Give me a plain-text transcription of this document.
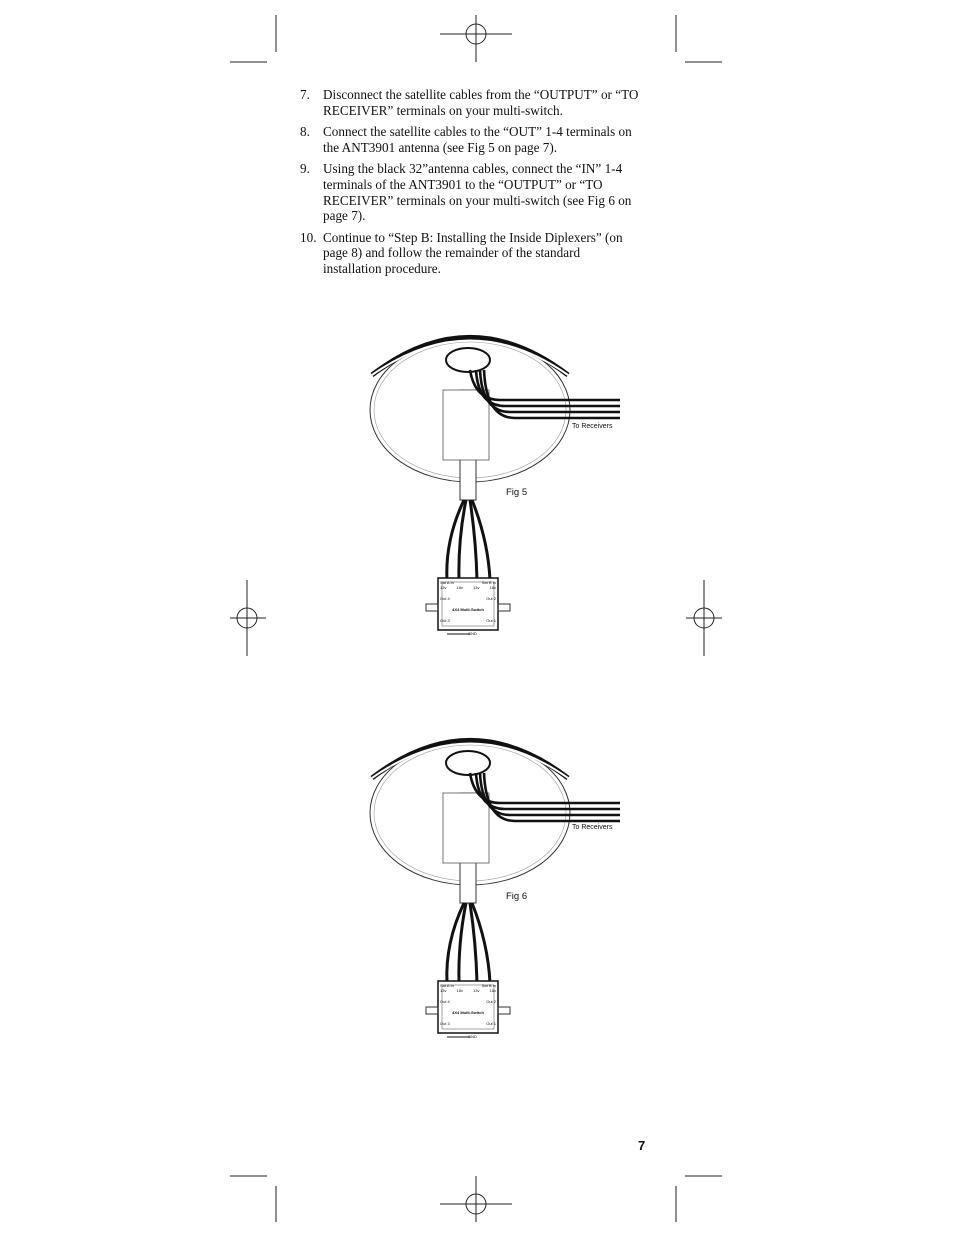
7. Disconnect the satellite cables from the “OUTPUT” or “TO RECEIVER” terminals on your multi-switch.
8. Connect the satellite cables to the “OUT” 1-4 terminals on the ANT3901 antenna (see Fig 5 on page 7).
9. Using the black 32”antenna cables, connect the “IN” 1-4 terminals of the ANT3901 to the “OUTPUT” or “TO RECEIVER” terminals on your multi-switch (see Fig 6 on page 7).
10. Continue to “Step B: Installing the Inside Diplexers” (on page 8) and follow the remainder of the standard installation procedure.
To Receivers
Fig 5
Sat A In	Sat B In
13v	18v	13v	18v
Out 4	Out 2
4X4 Multi-Switch
Out 3	Out 1
GND
To Receivers
Fig 6
Sat A In	Sat B In
13v	18v	13v	18v
Out 4	Out 2
4X4 Multi-Switch
Out 3	Out 1
GND
7
